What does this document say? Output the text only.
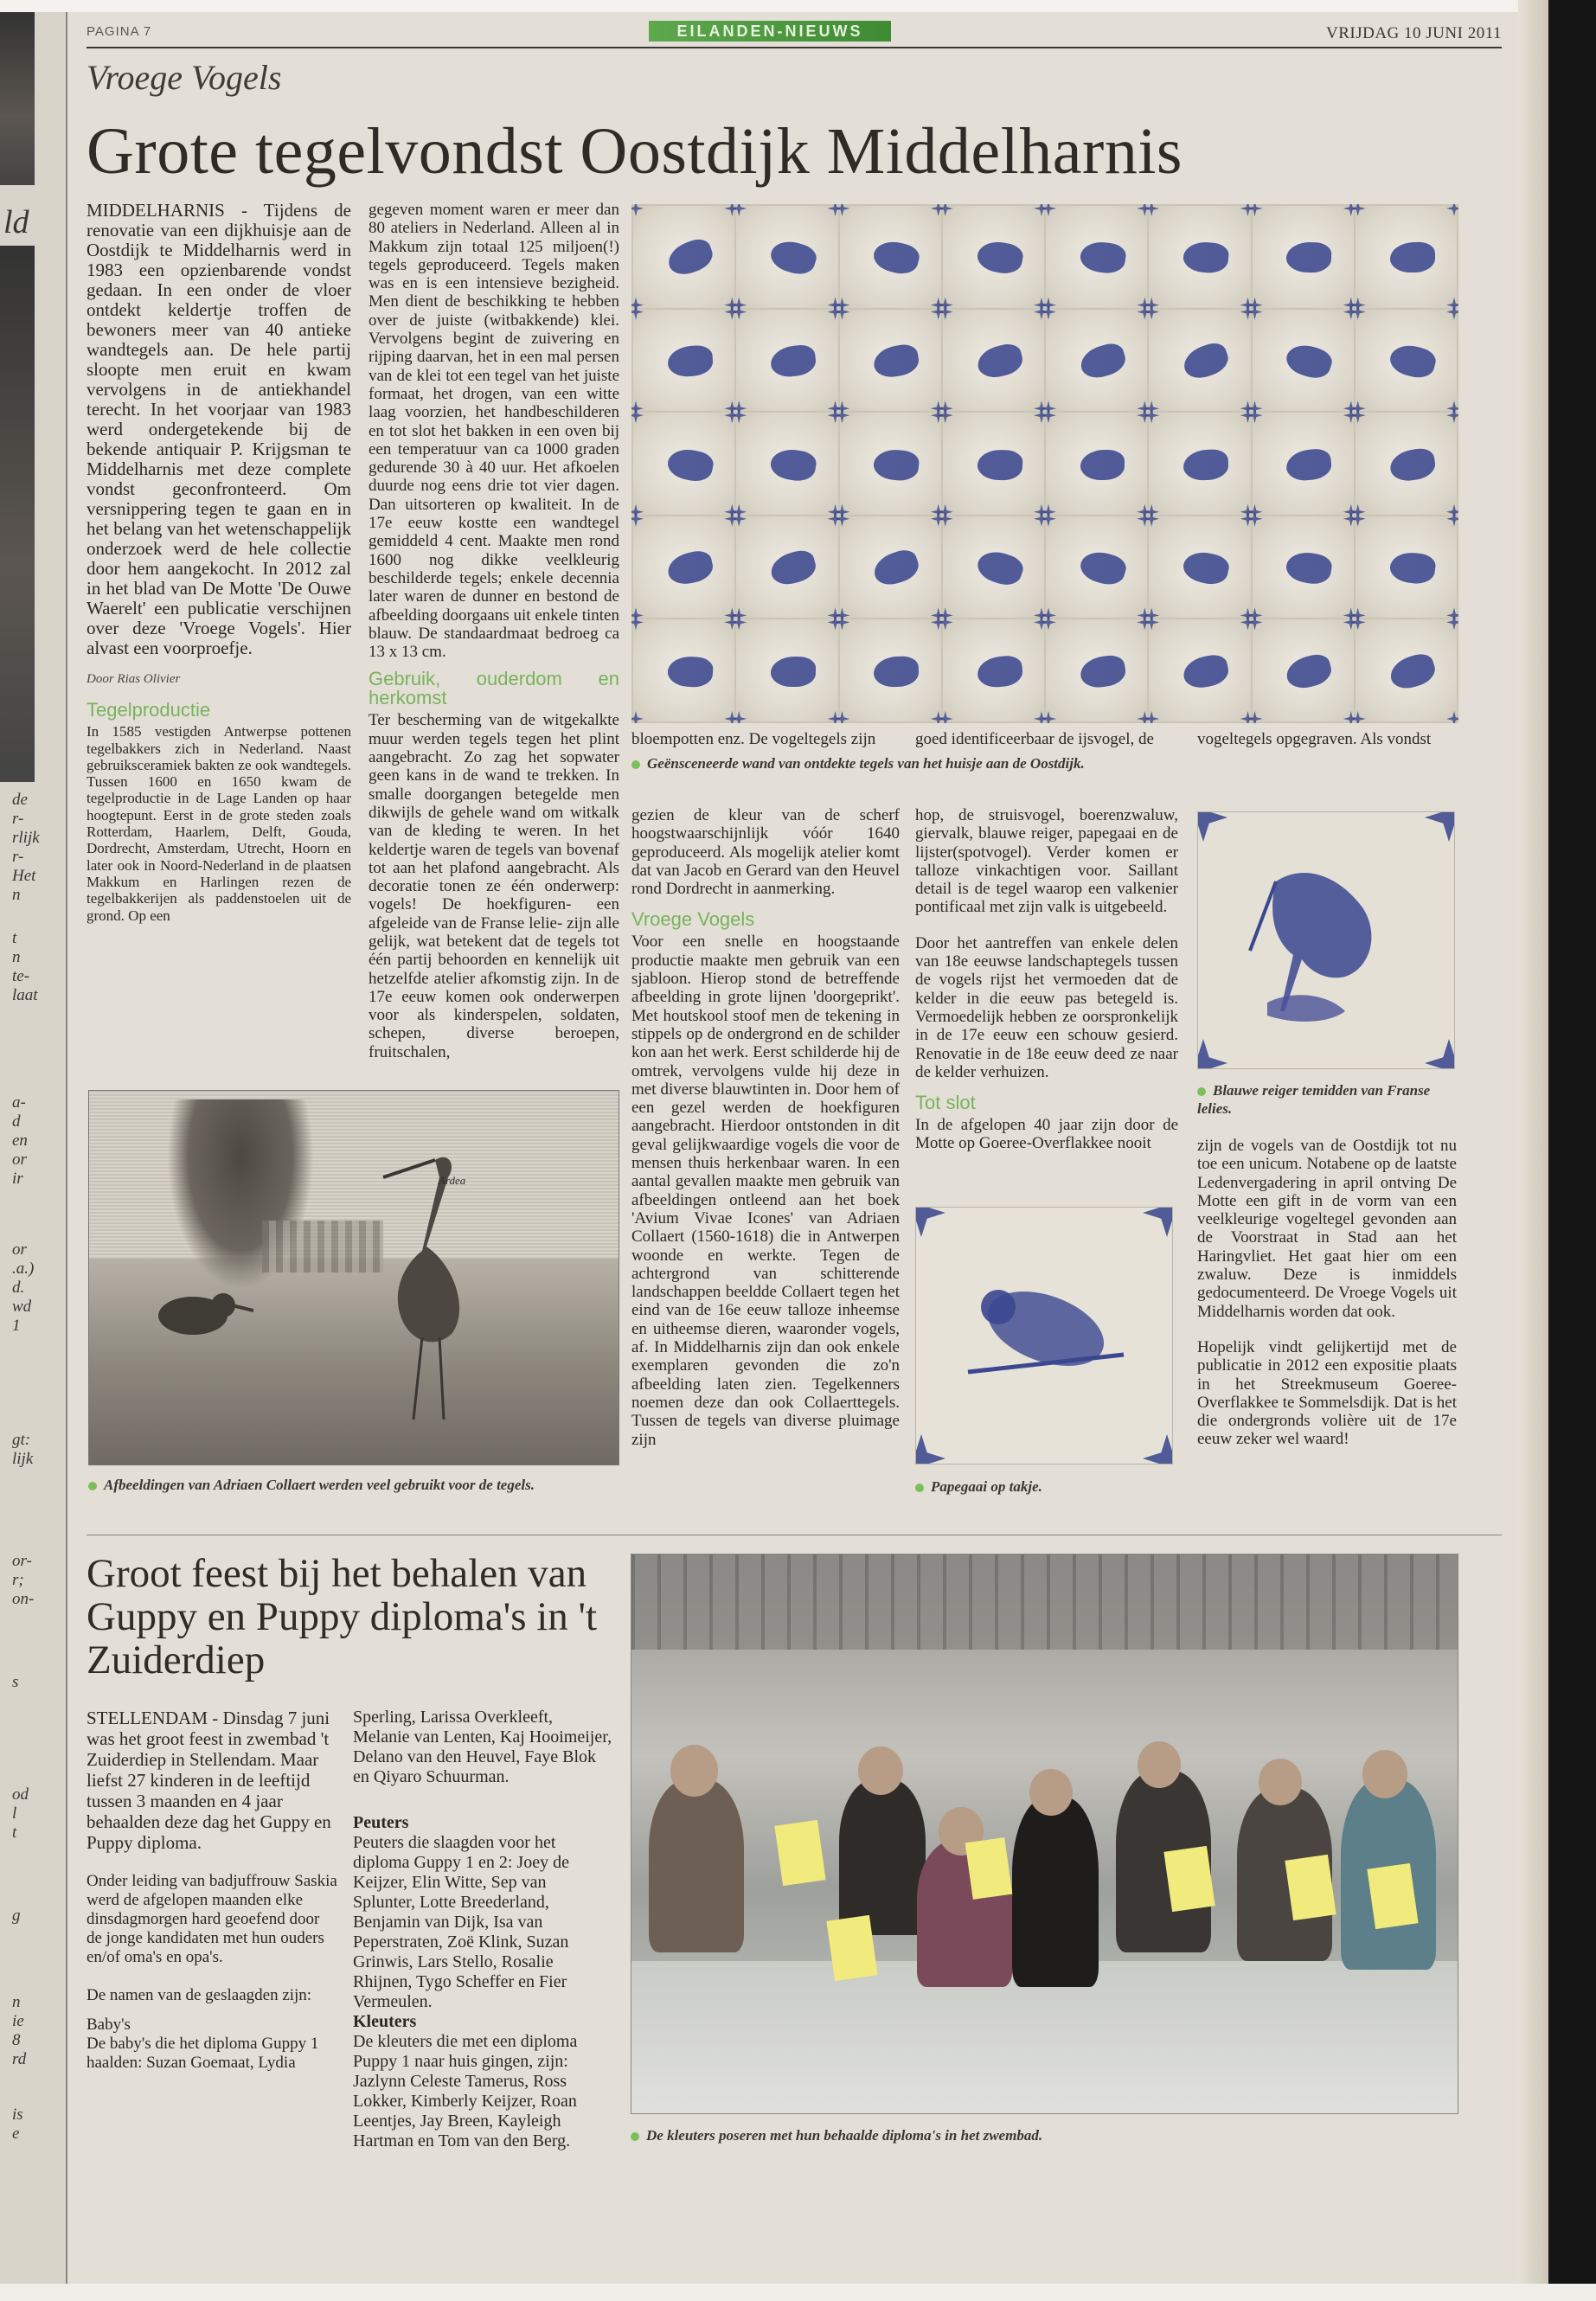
ld
de
r-
rlijk
r-
Het
n
t
n
te-
laat
a-
d
en
or
ir
or
.a.)
d.
wd
1
gt:
lijk
or-
r;
on-
s
od
l
t
g
n
ie
8
rd
is
e
PAGINA 7	EILANDEN-NIEUWS	VRIJDAG 10 JUNI 2011
Vroege Vogels
Grote tegelvondst Oostdijk Middelharnis

MIDDELHARNIS - Tijdens de renovatie van een dijkhuisje aan de Oostdijk te Middelharnis werd in 1983 een opzienbarende vondst gedaan. In een onder de vloer ontdekt keldertje troffen de bewoners meer van 40 antieke wandtegels aan. De hele partij sloopte men eruit en kwam vervolgens in de antiekhandel terecht. In het voorjaar van 1983 werd ondergetekende bij de bekende antiquair P. Krijgsman te Middelharnis met deze complete vondst geconfronteerd. Om versnippering tegen te gaan en in het belang van het wetenschappelijk onderzoek werd de hele collectie door hem aangekocht. In 2012 zal in het blad van De Motte 'De Ouwe Waerelt' een publicatie verschijnen over deze 'Vroege Vogels'. Hier alvast een voorproefje.

Door Rias Olivier
Tegelproductie

In 1585 vestigden Antwerpse pottenen tegelbakkers zich in Nederland. Naast gebruiksceramiek bakten ze ook wandtegels. Tussen 1600 en 1650 kwam de tegelproductie in de Lage Landen op haar hoogtepunt. Eerst in de grote steden zoals Rotterdam, Haarlem, Delft, Gouda, Dordrecht, Amsterdam, Utrecht, Hoorn en later ook in Noord-Nederland in de plaatsen Makkum en Harlingen rezen de tegelbakkerijen als paddenstoelen uit de grond. Op een

gegeven moment waren er meer dan 80 ateliers in Nederland. Alleen al in Makkum zijn totaal 125 miljoen(!) tegels geproduceerd. Tegels maken was en is een intensieve bezigheid. Men dient de beschikking te hebben over de juiste (witbakkende) klei. Vervolgens begint de zuivering en rijping daarvan, het in een mal persen van de klei tot een tegel van het juiste formaat, het drogen, van een witte laag voorzien, het handbeschilderen en tot slot het bakken in een oven bij een temperatuur van ca 1000 graden gedurende 30 à 40 uur. Het afkoelen duurde nog eens drie tot vier dagen. Dan uitsorteren op kwaliteit. In de 17e eeuw kostte een wandtegel gemiddeld 4 cent. Maakte men rond 1600 nog dikke veelkleurig beschilderde tegels; enkele decennia later waren de dunner en bestond de afbeelding doorgaans uit enkele tinten blauw. De standaardmaat bedroeg ca 13 x 13 cm.

Gebruik, ouderdom en herkomst

Ter bescherming van de witgekalkte muur werden tegels tegen het plint aangebracht. Zo zag het sopwater geen kans in de wand te trekken. In smalle doorgangen betegelde men dikwijls de gehele wand om witkalk van de kleding te weren. In het keldertje waren de tegels van bovenaf tot aan het plafond aangebracht. Als decoratie tonen ze één onderwerp: vogels! De hoekfiguren- een afgeleide van de Franse lelie- zijn alle gelijk, wat betekent dat de tegels tot één partij behoorden en kennelijk uit hetzelfde atelier afkomstig zijn. In de 17e eeuw komen ook onderwerpen voor als kinderspelen, soldaten, schepen, diverse beroepen, fruitschalen,

bloempotten enz. De vogeltegels zijn	goed identificeerbaar de ijsvogel, de	vogeltegels opgegraven. Als vondst
Geënsceneerde wand van ontdekte tegels van het huisje aan de Oostdijk.

gezien de kleur van de scherf hoogstwaarschijnlijk vóór 1640 geproduceerd. Als mogelijk atelier komt dat van Jacob en Gerard van den Heuvel rond Dordrecht in aanmerking.

Vroege Vogels

Voor een snelle en hoogstaande productie maakte men gebruik van een sjabloon. Hierop stond de betreffende afbeelding in grote lijnen 'doorgeprikt'. Met houtskool stoof men de tekening in stippels op de ondergrond en de schilder kon aan het werk. Eerst schilderde hij de omtrek, vervolgens vulde hij deze in met diverse blauwtinten in. Door hem of een gezel werden de hoekfiguren aangebracht. Hierdoor ontstonden in dit geval gelijkwaardige vogels die voor de mensen thuis herkenbaar waren. In een aantal gevallen maakte men gebruik van afbeeldingen ontleend aan het boek 'Avium Vivae Icones' van Adriaen Collaert (1560-1618) die in Antwerpen woonde en werkte. Tegen de achtergrond van schitterende landschappen beeldde Collaert tegen het eind van de 16e eeuw talloze inheemse en uitheemse dieren, waaronder vogels, af. In Middelharnis zijn dan ook enkele exemplaren gevonden die zo'n afbeelding laten zien. Tegelkenners noemen deze dan ook Collaerttegels. Tussen de tegels van diverse pluimage zijn

hop, de struisvogel, boerenzwaluw, giervalk, blauwe reiger, papegaai en de lijster(spotvogel). Verder komen er talloze vinkachtigen voor. Saillant detail is de tegel waarop een valkenier pontificaal met zijn valk is uitgebeeld.

Door het aantreffen van enkele delen van 18e eeuwse landschaptegels tussen de vogels rijst het vermoeden dat de kelder in die eeuw pas betegeld is. Vermoedelijk hebben ze oorspronkelijk in de 17e eeuw een schouw gesierd. Renovatie in de 18e eeuw deed ze naar de kelder verhuizen.

Tot slot

In de afgelopen 40 jaar zijn door de Motte op Goeree-Overflakkee nooit

Blauwe reiger temidden van Franse lelies.

zijn de vogels van de Oostdijk tot nu toe een unicum. Notabene op de laatste Ledenvergadering in april ontving De Motte een gift in de vorm van een veelkleurige vogeltegel gevonden aan de Voorstraat in Stad aan het Haringvliet. Het gaat hier om een zwaluw. Deze is inmiddels gedocumenteerd. De Vroege Vogels uit Middelharnis worden dat ook.

Hopelijk vindt gelijkertijd met de publicatie in 2012 een expositie plaats in het Streekmuseum Goeree-Overflakkee te Sommelsdijk. Dat is het die ondergronds volière uit de 17e eeuw zeker wel waard!

Papegaai op takje.
Ardea
Afbeeldingen van Adriaen Collaert werden veel gebruikt voor de tegels.
Groot feest bij het behalen van Guppy en Puppy diploma's in 't Zuiderdiep

STELLENDAM - Dinsdag 7 juni was het groot feest in zwembad 't Zuiderdiep in Stellendam. Maar liefst 27 kinderen in de leeftijd tussen 3 maanden en 4 jaar behaalden deze dag het Guppy en Puppy diploma.

Onder leiding van badjuffrouw Saskia werd de afgelopen maanden elke dinsdagmorgen hard geoefend door de jonge kandidaten met hun ouders en/of oma's en opa's.

De namen van de geslaagden zijn:

Baby's

De baby's die het diploma Guppy 1 haalden: Suzan Goemaat, Lydia

Sperling, Larissa Overkleeft, Melanie van Lenten, Kaj Hooimeijer, Delano van den Heuvel, Faye Blok en Qiyaro Schuurman.

Peuters

Peuters die slaagden voor het diploma Guppy 1 en 2: Joey de Keijzer, Elin Witte, Sep van Splunter, Lotte Breederland, Benjamin van Dijk, Isa van Peperstraten, Zoë Klink, Suzan Grinwis, Lars Stello, Rosalie Rhijnen, Tygo Scheffer en Fier Vermeulen.

Kleuters

De kleuters die met een diploma Puppy 1 naar huis gingen, zijn: Jazlynn Celeste Tamerus, Ross Lokker, Kimberly Keijzer, Roan Leentjes, Jay Breen, Kayleigh Hartman en Tom van den Berg.	De kleuters poseren met hun behaalde diploma's in het zwembad.
